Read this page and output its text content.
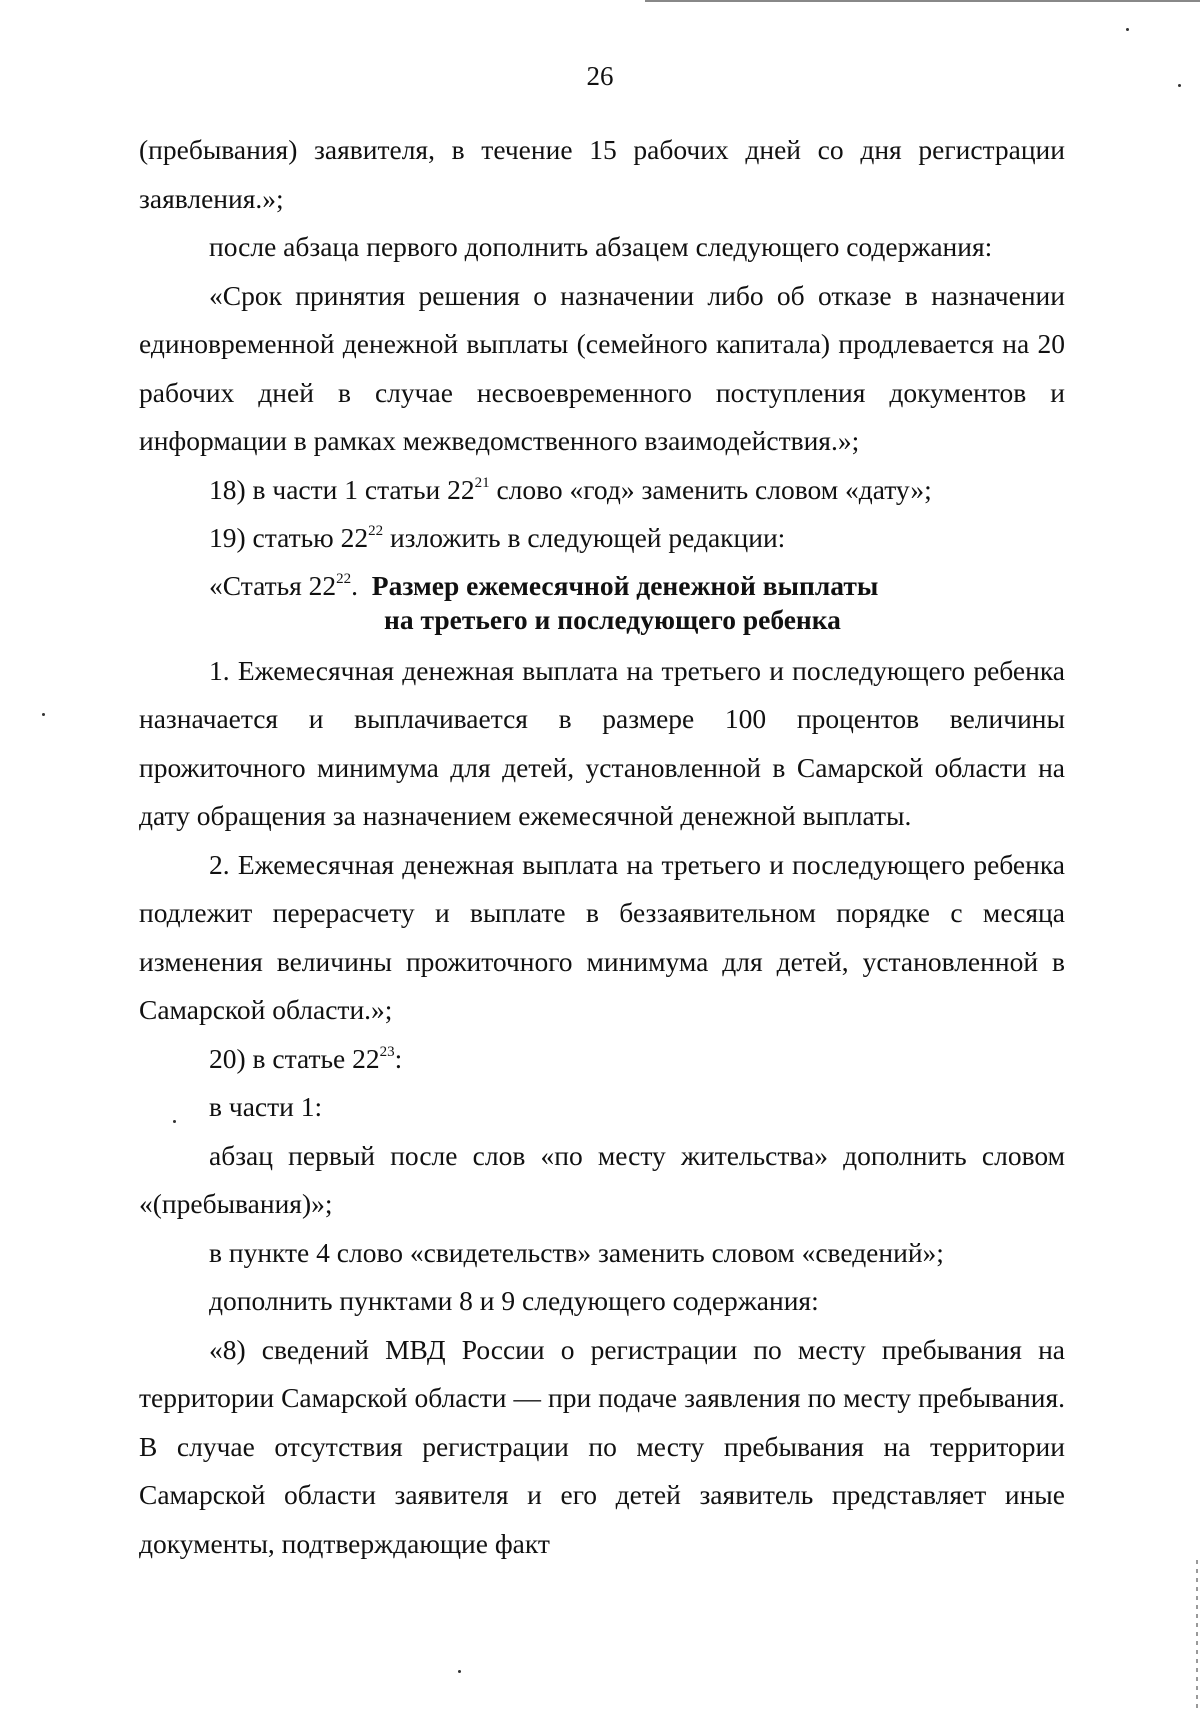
26

(пребывания) заявителя, в течение 15 рабочих дней со дня регистрации заявления.»;

после абзаца первого дополнить абзацем следующего содержания:

«Срок принятия решения о назначении либо об отказе в назначении единовременной денежной выплаты (семейного капитала) продлевается на 20 рабочих дней в случае несвоевременного поступления документов и информации в рамках межведомственного взаимодействия.»;

18) в части 1 статьи $22^{21}$ слово «год» заменить словом «дату»;

19) статью $22^{22}$ изложить в следующей редакции:

«Статья $22^{22}$. Размер ежемесячной денежной выплаты
на третьего и последующего ребенка

1. Ежемесячная денежная выплата на третьего и последующего ребенка назначается и выплачивается в размере 100 процентов величины прожиточного минимума для детей, установленной в Самарской области на дату обращения за назначением ежемесячной денежной выплаты.

2. Ежемесячная денежная выплата на третьего и последующего ребенка подлежит перерасчету и выплате в беззаявительном порядке с месяца изменения величины прожиточного минимума для детей, установленной в Самарской области.»;

20) в статье $22^{23}$:

в части 1:

абзац первый после слов «по месту жительства» дополнить словом «(пребывания)»;

в пункте 4 слово «свидетельств» заменить словом «сведений»;

дополнить пунктами 8 и 9 следующего содержания:

«8) сведений МВД России о регистрации по месту пребывания на территории Самарской области — при подаче заявления по месту пребывания. В случае отсутствия регистрации по месту пребывания на территории Самарской области заявителя и его детей заявитель представляет иные документы, подтверждающие факт
